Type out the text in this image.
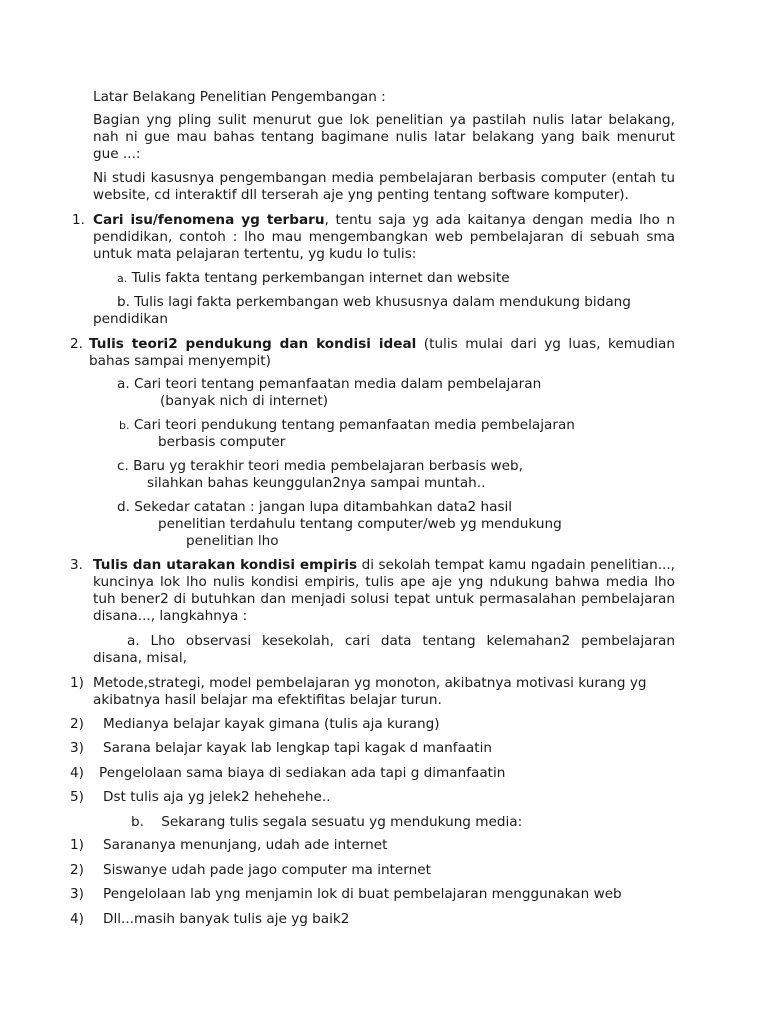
Latar Belakang Penelitian Pengembangan :

Bagian yng pling sulit menurut gue lok penelitian ya pastilah nulis latar belakang, nah ni gue mau bahas tentang bagimane nulis latar belakang yang baik menurut gue ...:

Ni studi kasusnya pengembangan media pembelajaran berbasis computer (entah tu website, cd interaktif dll terserah aje yng penting tentang software komputer).

1. Cari isu/fenomena yg terbaru, tentu saja yg ada kaitanya dengan media lho n pendidikan, contoh : lho mau mengembangkan web pembelajaran di sebuah sma untuk mata pelajaran tertentu, yg kudu lo tulis:

a. Tulis fakta tentang perkembangan internet dan website

b. Tulis lagi fakta perkembangan web khususnya dalam mendukung bidang pendidikan

2. Tulis teori2 pendukung dan kondisi ideal (tulis mulai dari yg luas, kemudian bahas sampai menyempit)

a. Cari teori tentang pemanfaatan media dalam pembelajaran

(banyak nich di internet)

b. Cari teori pendukung tentang pemanfaatan media pembelajaran

berbasis computer

c. Baru yg terakhir teori media pembelajaran berbasis web,

silahkan bahas keunggulan2nya sampai muntah..

d. Sekedar catatan : jangan lupa ditambahkan data2 hasil

penelitian terdahulu tentang computer/web yg mendukung

penelitian lho

3. Tulis dan utarakan kondisi empiris di sekolah tempat kamu ngadain penelitian..., kuncinya lok lho nulis kondisi empiris, tulis ape aje yng ndukung bahwa media lho tuh bener2 di butuhkan dan menjadi solusi tepat untuk permasalahan pembelajaran disana..., langkahnya :

a. Lho observasi kesekolah, cari data tentang kelemahan2 pembelajaran disana, misal,

1) Metode,strategi, model pembelajaran yg monoton, akibatnya motivasi kurang yg akibatnya hasil belajar ma efektifitas belajar turun.

2) Medianya belajar kayak gimana (tulis aja kurang)

3) Sarana belajar kayak lab lengkap tapi kagak d manfaatin

4) Pengelolaan sama biaya di sediakan ada tapi g dimanfaatin

5) Dst tulis aja yg jelek2 hehehehe..

b. Sekarang tulis segala sesuatu yg mendukung media:

1) Sarananya menunjang, udah ade internet

2) Siswanye udah pade jago computer ma internet

3) Pengelolaan lab yng menjamin lok di buat pembelajaran menggunakan web

4) Dll...masih banyak tulis aje yg baik2
